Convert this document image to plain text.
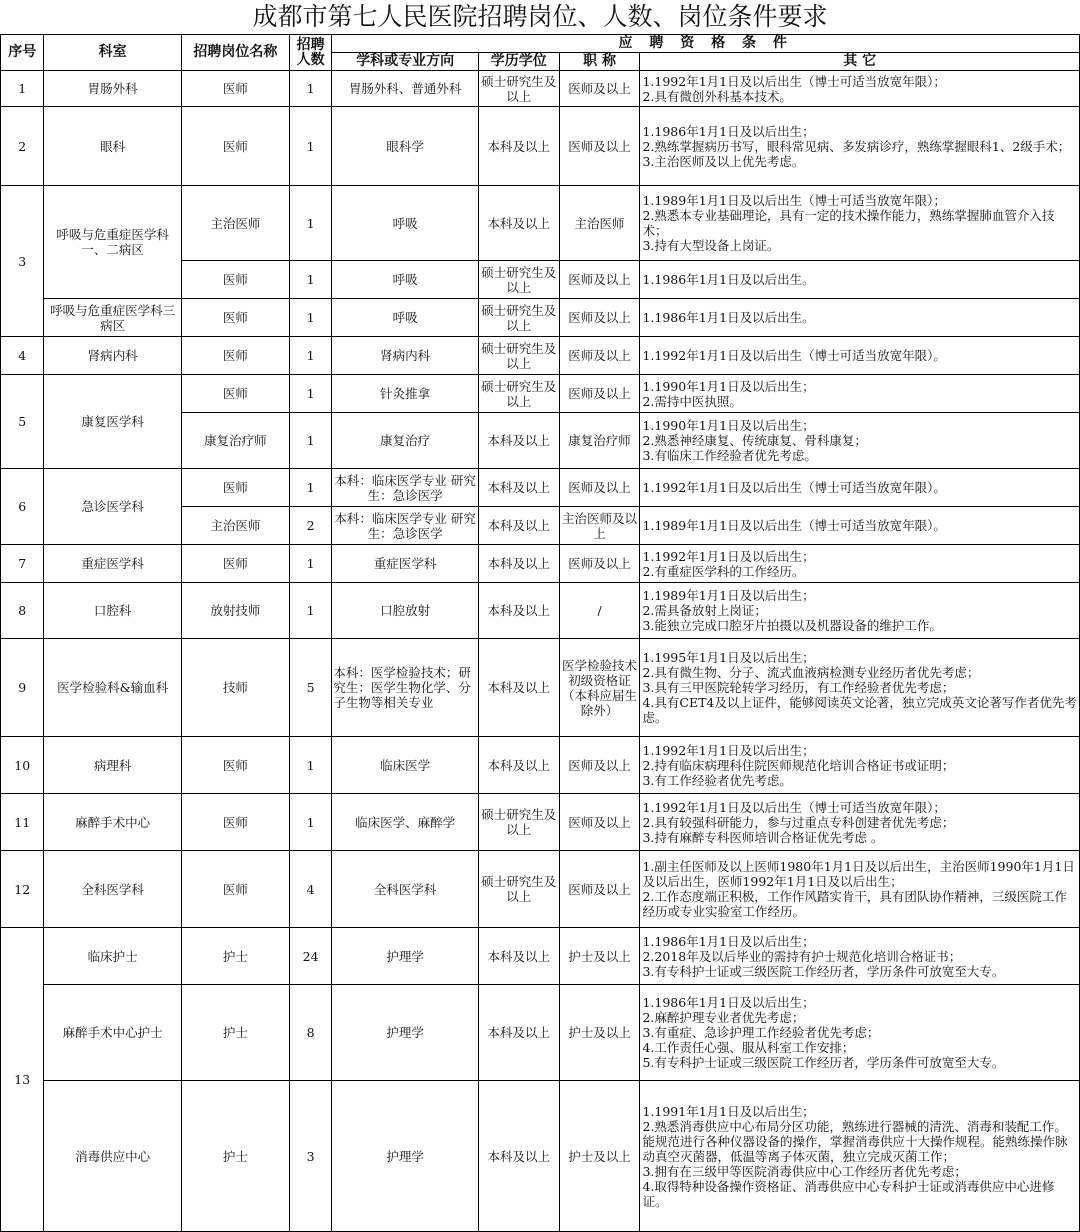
成都市第七人民医院招聘岗位、人数、岗位条件要求
序号	科室	招聘岗位名称	招聘人数	应 聘 资 格 条 件			
				学科或专业方向	学历学位	职 称	其 它
1	胃肠外科	医师	1	胃肠外科、普通外科	硕士研究生及以上	医师及以上	1.1992年1月1日及以后出生（博士可适当放宽年限）；
2.具有微创外科基本技术。

2	眼科	医师	1	眼科学	本科及以上	医师及以上	1.1986年1月1日及以后出生；
2.熟练掌握病历书写，眼科常见病、多发病诊疗，熟练掌握眼科1、2级手术；
3.主治医师及以上优先考虑。

3	呼吸与危重症医学科一、二病区	主治医师	1	呼吸	本科及以上	主治医师	1.1989年1月1日及以后出生（博士可适当放宽年限）；
2.熟悉本专业基础理论，具有一定的技术操作能力，熟练掌握肺血管介入技术；
3.持有大型设备上岗证。

		医师	1	呼吸	硕士研究生及以上	医师及以上	1.1986年1月1日及以后出生。

	呼吸与危重症医学科三病区	医师	1	呼吸	硕士研究生及以上	医师及以上	1.1986年1月1日及以后出生。

4	肾病内科	医师	1	肾病内科	硕士研究生及以上	医师及以上	1.1992年1月1日及以后出生（博士可适当放宽年限）。

5	康复医学科	医师	1	针灸推拿	硕士研究生及以上	医师及以上	1.1990年1月1日及以后出生；
2.需持中医执照。

		康复治疗师	1	康复治疗	本科及以上	康复治疗师	1.1990年1月1日及以后出生；
2.熟悉神经康复、传统康复、骨科康复；
3.有临床工作经验者优先考虑。

6	急诊医学科	医师	1	本科：临床医学专业 研究生：急诊医学	本科及以上	医师及以上	1.1992年1月1日及以后出生（博士可适当放宽年限）。

		主治医师	2	本科：临床医学专业 研究生：急诊医学	本科及以上	主治医师及以上	1.1989年1月1日及以后出生（博士可适当放宽年限）。

7	重症医学科	医师	1	重症医学科	本科及以上	医师及以上	1.1992年1月1日及以后出生；
2.有重症医学科的工作经历。

8	口腔科	放射技师	1	口腔放射	本科及以上	/	1.1989年1月1日及以后出生；
2.需具备放射上岗证；
3.能独立完成口腔牙片拍摄以及机器设备的维护工作。

9	医学检验科&输血科	技师	5	本科：医学检验技术；研究生：医学生物化学、分子生物等相关专业	本科及以上	医学检验技术初级资格证（本科应届生除外）	1.1995年1月1日及以后出生；
2.具有微生物、分子、流式血液病检测专业经历者优先考虑；
3.具有三甲医院轮转学习经历，有工作经验者优先考虑；
4.具有CET4及以上证件，能够阅读英文论著，独立完成英文论著写作者优先考虑。

10	病理科	医师	1	临床医学	本科及以上	医师及以上	1.1992年1月1日及以后出生；
2.持有临床病理科住院医师规范化培训合格证书或证明；
3.有工作经验者优先考虑。

11	麻醉手术中心	医师	1	临床医学、麻醉学	硕士研究生及以上	医师及以上	1.1992年1月1日及以后出生（博士可适当放宽年限）；
2.具有较强科研能力，参与过重点专科创建者优先考虑；
3.持有麻醉专科医师培训合格证优先考虑 。

12	全科医学科	医师	4	全科医学科	硕士研究生及以上	医师及以上	1.副主任医师及以上医师1980年1月1日及以后出生，主治医师1990年1月1日及以后出生，医师1992年1月1日及以后出生；
2.工作态度端正积极，工作作风踏实肯干，具有团队协作精神，三级医院工作经历或专业实验室工作经历。

13	临床护士	护士	24	护理学	本科及以上	护士及以上	1.1986年1月1日及以后出生；
2.2018年及以后毕业的需持有护士规范化培训合格证书；
3.有专科护士证或三级医院工作经历者，学历条件可放宽至大专。

	麻醉手术中心护士	护士	8	护理学	本科及以上	护士及以上	1.1986年1月1日及以后出生；
2.麻醉护理专业者优先考虑；
3.有重症、急诊护理工作经验者优先考虑；
4.工作责任心强、服从科室工作安排；
5.有专科护士证或三级医院工作经历者，学历条件可放宽至大专。

	消毒供应中心	护士	3	护理学	本科及以上	护士及以上	1.1991年1月1日及以后出生；
2.熟悉消毒供应中心布局分区功能，熟练进行器械的清洗、消毒和装配工作。能规范进行各种仪器设备的操作，掌握消毒供应十大操作规程。能熟练操作脉动真空灭菌器，低温等离子体灭菌，独立完成灭菌工作；
3.拥有在三级甲等医院消毒供应中心工作经历者优先考虑；
4.取得特种设备操作资格证、消毒供应中心专科护士证或消毒供应中心进修证。
